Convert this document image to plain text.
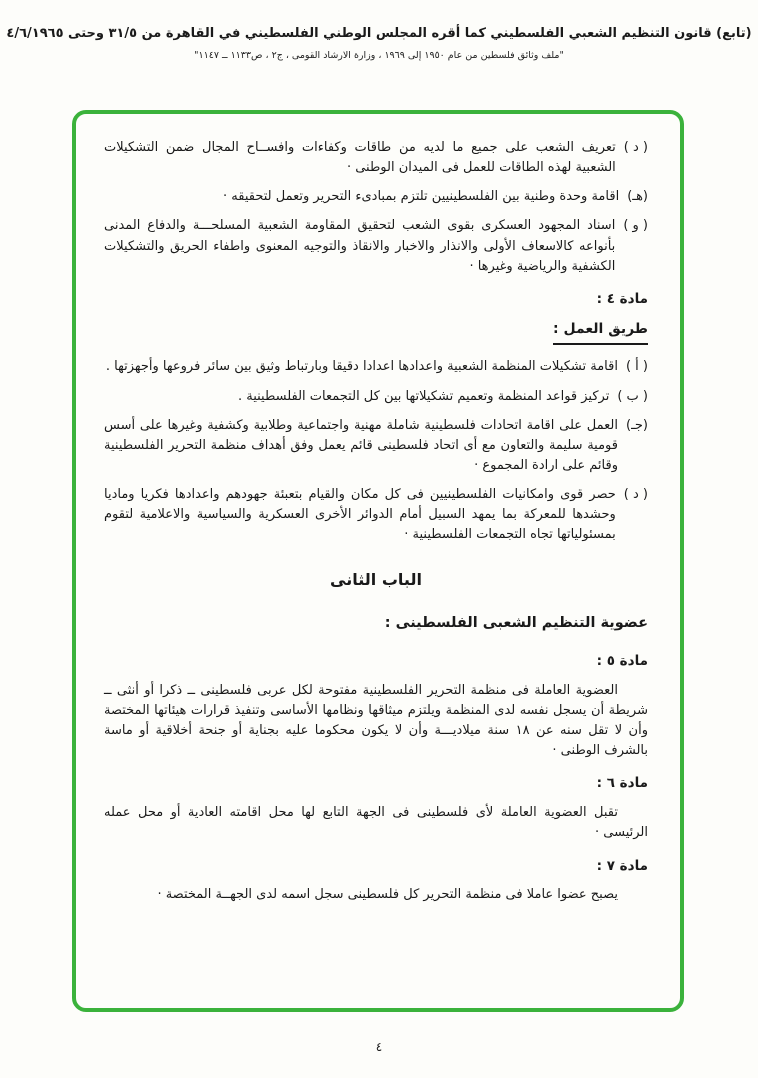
(تابع) قانون التنظيم الشعبي الفلسطيني كما أقره المجلس الوطني الفلسطيني في القاهرة من ٣١/٥ وحتى ٤/٦/١٩٦٥
"ملف وثائق فلسطين من عام ١٩٥٠ إلى ١٩٦٩ ، وزارة الارشاد القومى ، ج٢ ، ص١١٣٣ ــ ١١٤٧"
( د )
تعريف الشعب على جميع ما لديه من طاقات وكفاءات وافســاح المجال ضمن التشكيلات الشعبية لهذه الطاقات للعمل فى الميدان الوطنى ·
(هـ)
اقامة وحدة وطنية بين الفلسطينيين تلتزم بمبادىء التحرير وتعمل لتحقيقه ·
( و )
اسناد المجهود العسكرى بقوى الشعب لتحقيق المقاومة الشعبية المسلحـــة والدفاع المدنى بأنواعه كالاسعاف الأولى والانذار والاخبار والانقاذ والتوجيه المعنوى واطفاء الحريق والتشكيلات الكشفية والرياضية وغيرها ·
مادة ٤ :
طريق العمل :
( أ )
اقامة تشكيلات المنظمة الشعبية واعدادها اعدادا دقيقا وبارتباط وثيق بين سائر فروعها وأجهزتها .
( ب )
تركيز قواعد المنظمة وتعميم تشكيلاتها بين كل التجمعات الفلسطينية .
(جـ)
العمل على اقامة اتحادات فلسطينية شاملة مهنية واجتماعية وطلابية وكشفية وغيرها على أسس قومية سليمة والتعاون مع أى اتحاد فلسطينى قائم يعمل وفق أهداف منظمة التحرير الفلسطينية وقائم على ارادة المجموع ·
( د )
حصر قوى وامكانيات الفلسطينيين فى كل مكان والقيام بتعبئة جهودهم واعدادها فكريا وماديا وحشدها للمعركة بما يمهد السبيل أمام الدوائر الأخرى العسكرية والسياسية والاعلامية لتقوم بمسئولياتها تجاه التجمعات الفلسطينية ·
الباب الثانى
عضوية التنظيم الشعبى الفلسطينى :
مادة ٥ :
العضوية العاملة فى منظمة التحرير الفلسطينية مفتوحة لكل عربى فلسطينى ــ ذكرا أو أنثى ــ شريطة أن يسجل نفسه لدى المنظمة ويلتزم ميثاقها ونظامها الأساسى وتنفيذ قرارات هيئاتها المختصة وأن لا تقل سنه عن ١٨ سنة ميلاديـــة وأن لا يكون محكوما عليه بجناية أو جنحة أخلاقية أو ماسة بالشرف الوطنى ·
مادة ٦ :
تقبل العضوية العاملة لأى فلسطينى فى الجهة التابع لها محل اقامته العادية أو محل عمله الرئيسى ·
مادة ٧ :
يصبح عضوا عاملا فى منظمة التحرير كل فلسطينى سجل اسمه لدى الجهــة المختصة ·
٤
